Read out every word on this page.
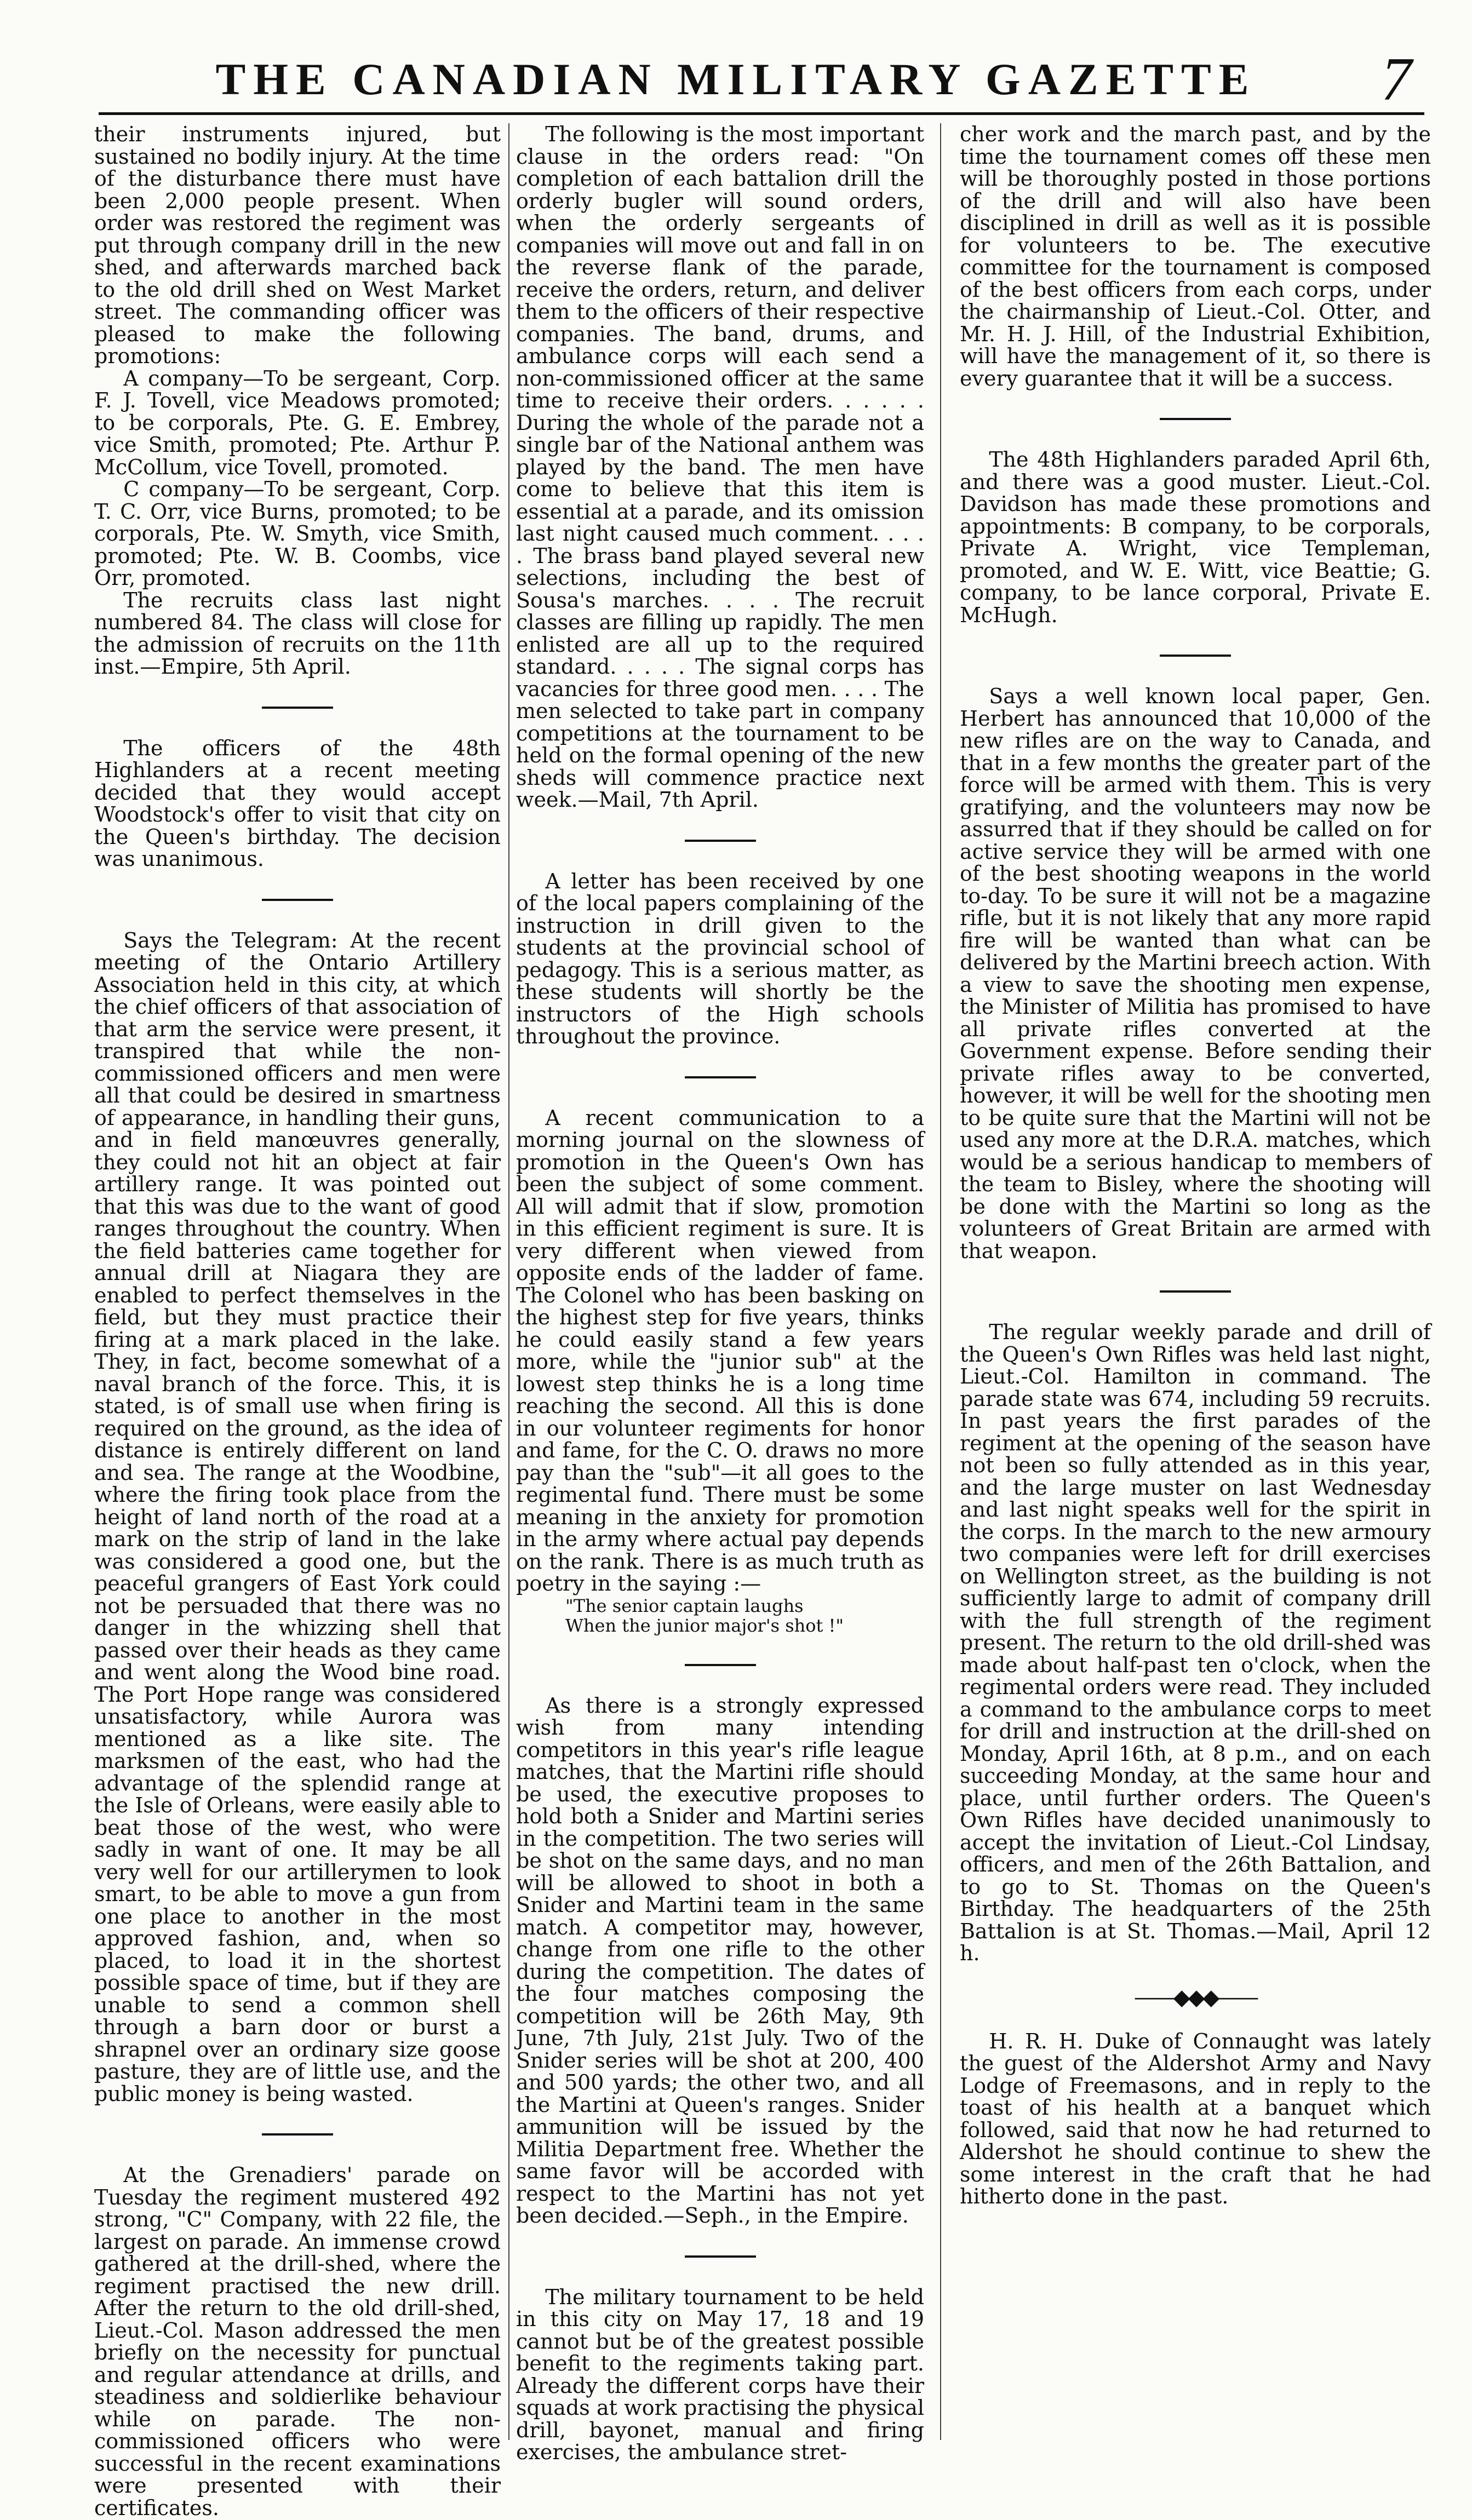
THE CANADIAN MILITARY GAZETTE	7

their instruments injured, but sustained no bodily injury. At the time of the disturbance there must have been 2,000 people present. When order was restored the regiment was put through company drill in the new shed, and afterwards marched back to the old drill shed on West Market street. The commanding officer was pleased to make the following promotions:

A company—To be sergeant, Corp. F. J. Tovell, vice Meadows promoted; to be corporals, Pte. G. E. Embrey, vice Smith, promoted; Pte. Arthur P. McCollum, vice Tovell, promoted.

C company—To be sergeant, Corp. T. C. Orr, vice Burns, promoted; to be corporals, Pte. W. Smyth, vice Smith, promoted; Pte. W. B. Coombs, vice Orr, promoted.

The recruits class last night numbered 84. The class will close for the admission of recruits on the 11th inst.—Empire, 5th April.

The officers of the 48th Highlanders at a recent meeting decided that they would accept Woodstock's offer to visit that city on the Queen's birthday. The decision was unanimous.

Says the Telegram: At the recent meeting of the Ontario Artillery Association held in this city, at which the chief officers of that association of that arm the service were present, it transpired that while the non-commissioned officers and men were all that could be desired in smartness of appearance, in handling their guns, and in field manœuvres generally, they could not hit an object at fair artillery range. It was pointed out that this was due to the want of good ranges throughout the country. When the field batteries came together for annual drill at Niagara they are enabled to perfect themselves in the field, but they must practice their firing at a mark placed in the lake. They, in fact, become somewhat of a naval branch of the force. This, it is stated, is of small use when firing is required on the ground, as the idea of distance is entirely different on land and sea. The range at the Woodbine, where the firing took place from the height of land north of the road at a mark on the strip of land in the lake was considered a good one, but the peaceful grangers of East York could not be persuaded that there was no danger in the whizzing shell that passed over their heads as they came and went along the Wood bine road. The Port Hope range was considered unsatisfactory, while Aurora was mentioned as a like site. The marksmen of the east, who had the advantage of the splendid range at the Isle of Orleans, were easily able to beat those of the west, who were sadly in want of one. It may be all very well for our artillerymen to look smart, to be able to move a gun from one place to another in the most approved fashion, and, when so placed, to load it in the shortest possible space of time, but if they are unable to send a common shell through a barn door or burst a shrapnel over an ordinary size goose pasture, they are of little use, and the public money is being wasted.

At the Grenadiers' parade on Tuesday the regiment mustered 492 strong, "C" Company, with 22 file, the largest on parade. An immense crowd gathered at the drill-shed, where the regiment practised the new drill. After the return to the old drill-shed, Lieut.-Col. Mason addressed the men briefly on the necessity for punctual and regular attendance at drills, and steadiness and soldierlike behaviour while on parade. The non-commissioned officers who were successful in the recent examinations were presented with their certificates.

The following is the most important clause in the orders read: "On completion of each battalion drill the orderly bugler will sound orders, when the orderly sergeants of companies will move out and fall in on the reverse flank of the parade, receive the orders, return, and deliver them to the officers of their respective companies. The band, drums, and ambulance corps will each send a non-commissioned officer at the same time to receive their orders. . . . . . During the whole of the parade not a single bar of the National anthem was played by the band. The men have come to believe that this item is essential at a parade, and its omission last night caused much comment. . . . . The brass band played several new selections, including the best of Sousa's marches. . . . The recruit classes are filling up rapidly. The men enlisted are all up to the required standard. . . . . The signal corps has vacancies for three good men. . . . The men selected to take part in company competitions at the tournament to be held on the formal opening of the new sheds will commence practice next week.—Mail, 7th April.

A letter has been received by one of the local papers complaining of the instruction in drill given to the students at the provincial school of pedagogy. This is a serious matter, as these students will shortly be the instructors of the High schools throughout the province.

A recent communication to a morning journal on the slowness of promotion in the Queen's Own has been the subject of some comment. All will admit that if slow, promotion in this efficient regiment is sure. It is very different when viewed from opposite ends of the ladder of fame. The Colonel who has been basking on the highest step for five years, thinks he could easily stand a few years more, while the "junior sub" at the lowest step thinks he is a long time reaching the second. All this is done in our volunteer regiments for honor and fame, for the C. O. draws no more pay than the "sub"—it all goes to the regimental fund. There must be some meaning in the anxiety for promotion in the army where actual pay depends on the rank. There is as much truth as poetry in the saying :—

"The senior captain laughs
When the junior major's shot !"

As there is a strongly expressed wish from many intending competitors in this year's rifle league matches, that the Martini rifle should be used, the executive proposes to hold both a Snider and Martini series in the competition. The two series will be shot on the same days, and no man will be allowed to shoot in both a Snider and Martini team in the same match. A competitor may, however, change from one rifle to the other during the competition. The dates of the four matches composing the competition will be 26th May, 9th June, 7th July, 21st July. Two of the Snider series will be shot at 200, 400 and 500 yards; the other two, and all the Martini at Queen's ranges. Snider ammunition will be issued by the Militia Department free. Whether the same favor will be accorded with respect to the Martini has not yet been decided.—Seph., in the Empire.

The military tournament to be held in this city on May 17, 18 and 19 cannot but be of the greatest possible benefit to the regiments taking part. Already the different corps have their squads at work practising the physical drill, bayonet, manual and firing exercises, the ambulance stret-

cher work and the march past, and by the time the tournament comes off these men will be thoroughly posted in those portions of the drill and will also have been disciplined in drill as well as it is possible for volunteers to be. The executive committee for the tournament is composed of the best officers from each corps, under the chairmanship of Lieut.-Col. Otter, and Mr. H. J. Hill, of the Industrial Exhibition, will have the management of it, so there is every guarantee that it will be a success.

The 48th Highlanders paraded April 6th, and there was a good muster. Lieut.-Col. Davidson has made these promotions and appointments: B company, to be corporals, Private A. Wright, vice Templeman, promoted, and W. E. Witt, vice Beattie; G. company, to be lance corporal, Private E. McHugh.

Says a well known local paper, Gen. Herbert has announced that 10,000 of the new rifles are on the way to Canada, and that in a few months the greater part of the force will be armed with them. This is very gratifying, and the volunteers may now be assurred that if they should be called on for active service they will be armed with one of the best shooting weapons in the world to-day. To be sure it will not be a magazine rifle, but it is not likely that any more rapid fire will be wanted than what can be delivered by the Martini breech action. With a view to save the shooting men expense, the Minister of Militia has promised to have all private rifles converted at the Government expense. Before sending their private rifles away to be converted, however, it will be well for the shooting men to be quite sure that the Martini will not be used any more at the D.R.A. matches, which would be a serious handicap to members of the team to Bisley, where the shooting will be done with the Martini so long as the volunteers of Great Britain are armed with that weapon.

The regular weekly parade and drill of the Queen's Own Rifles was held last night, Lieut.-Col. Hamilton in command. The parade state was 674, including 59 recruits. In past years the first parades of the regiment at the opening of the season have not been so fully attended as in this year, and the large muster on last Wednesday and last night speaks well for the spirit in the corps. In the march to the new armoury two companies were left for drill exercises on Wellington street, as the building is not sufficiently large to admit of company drill with the full strength of the regiment present. The return to the old drill-shed was made about half-past ten o'clock, when the regimental orders were read. They included a command to the ambulance corps to meet for drill and instruction at the drill-shed on Monday, April 16th, at 8 p.m., and on each succeeding Monday, at the same hour and place, until further orders. The Queen's Own Rifles have decided unanimously to accept the invitation of Lieut.-Col Lindsay, officers, and men of the 26th Battalion, and to go to St. Thomas on the Queen's Birthday. The headquarters of the 25th Battalion is at St. Thomas.—Mail, April 12 h.

——◆◆◆——

H. R. H. Duke of Connaught was lately the guest of the Aldershot Army and Navy Lodge of Freemasons, and in reply to the toast of his health at a banquet which followed, said that now he had returned to Aldershot he should continue to shew the some interest in the craft that he had hitherto done in the past.
